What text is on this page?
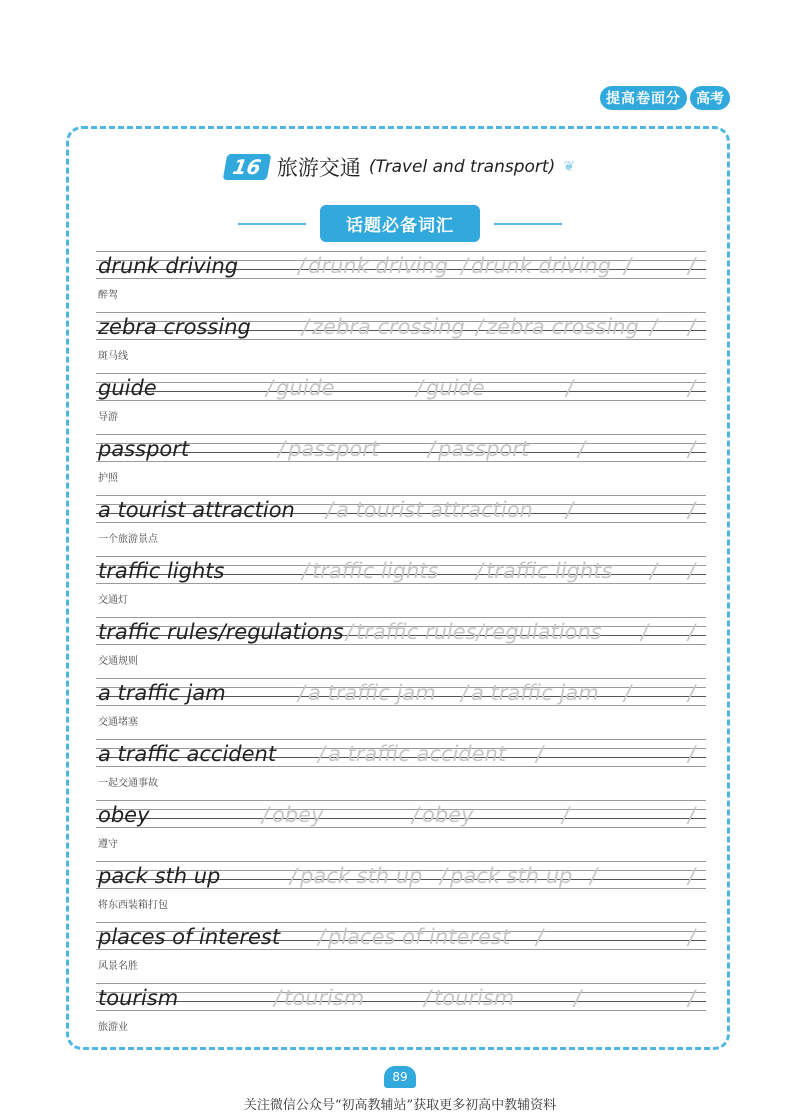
提高卷面分	高考
16 旅游交通 (Travel and transport) ❦
话题必备词汇
drunk driving	/ drunk driving / drunk driving /	/
醉驾
zebra crossing / zebra crossing / zebra crossing / /
斑马线
guide	/ guide	/ guide	/	/
导游
passport	/ passport / passport /	/
护照
a tourist attraction / a tourist attraction /	/
一个旅游景点
traffic lights	/ traffic lights / traffic lights / /
交通灯
traffic rules/regulations / traffic rules/regulations / /
交通规则
a traffic jam	/ a traffic jam / a traffic jam /	/
交通堵塞
a traffic accident / a traffic accident /	/
一起交通事故
obey	/ obey	/ obey	/	/
遵守
pack sth up	/ pack sth up / pack sth up /	/
将东西装箱打包
places of interest / places of interest /	/
风景名胜
tourism	/ tourism	/ tourism	/	/
旅游业
89
关注微信公众号“初高教辅站”获取更多初高中教辅资料
